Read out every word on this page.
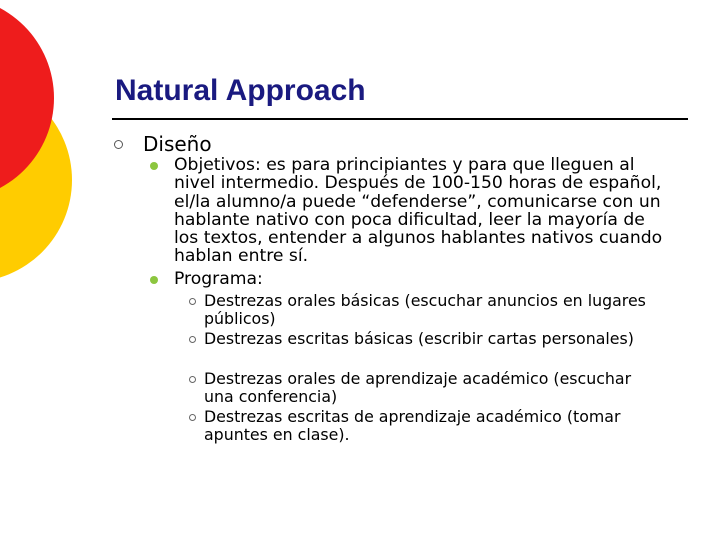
Natural Approach
Diseño
Objetivos: es para principiantes y para que lleguen al nivel intermedio. Después de 100-150 horas de español, el/la alumno/a puede “defenderse”, comunicarse con un hablante nativo con poca dificultad, leer la mayoría de los textos, entender a algunos hablantes nativos cuando hablan entre sí.
Programa:
Destrezas orales básicas (escuchar anuncios en lugares públicos)
Destrezas escritas básicas (escribir cartas personales)
Destrezas orales de aprendizaje académico (escuchar una conferencia)
Destrezas escritas de aprendizaje académico (tomar apuntes en clase).
